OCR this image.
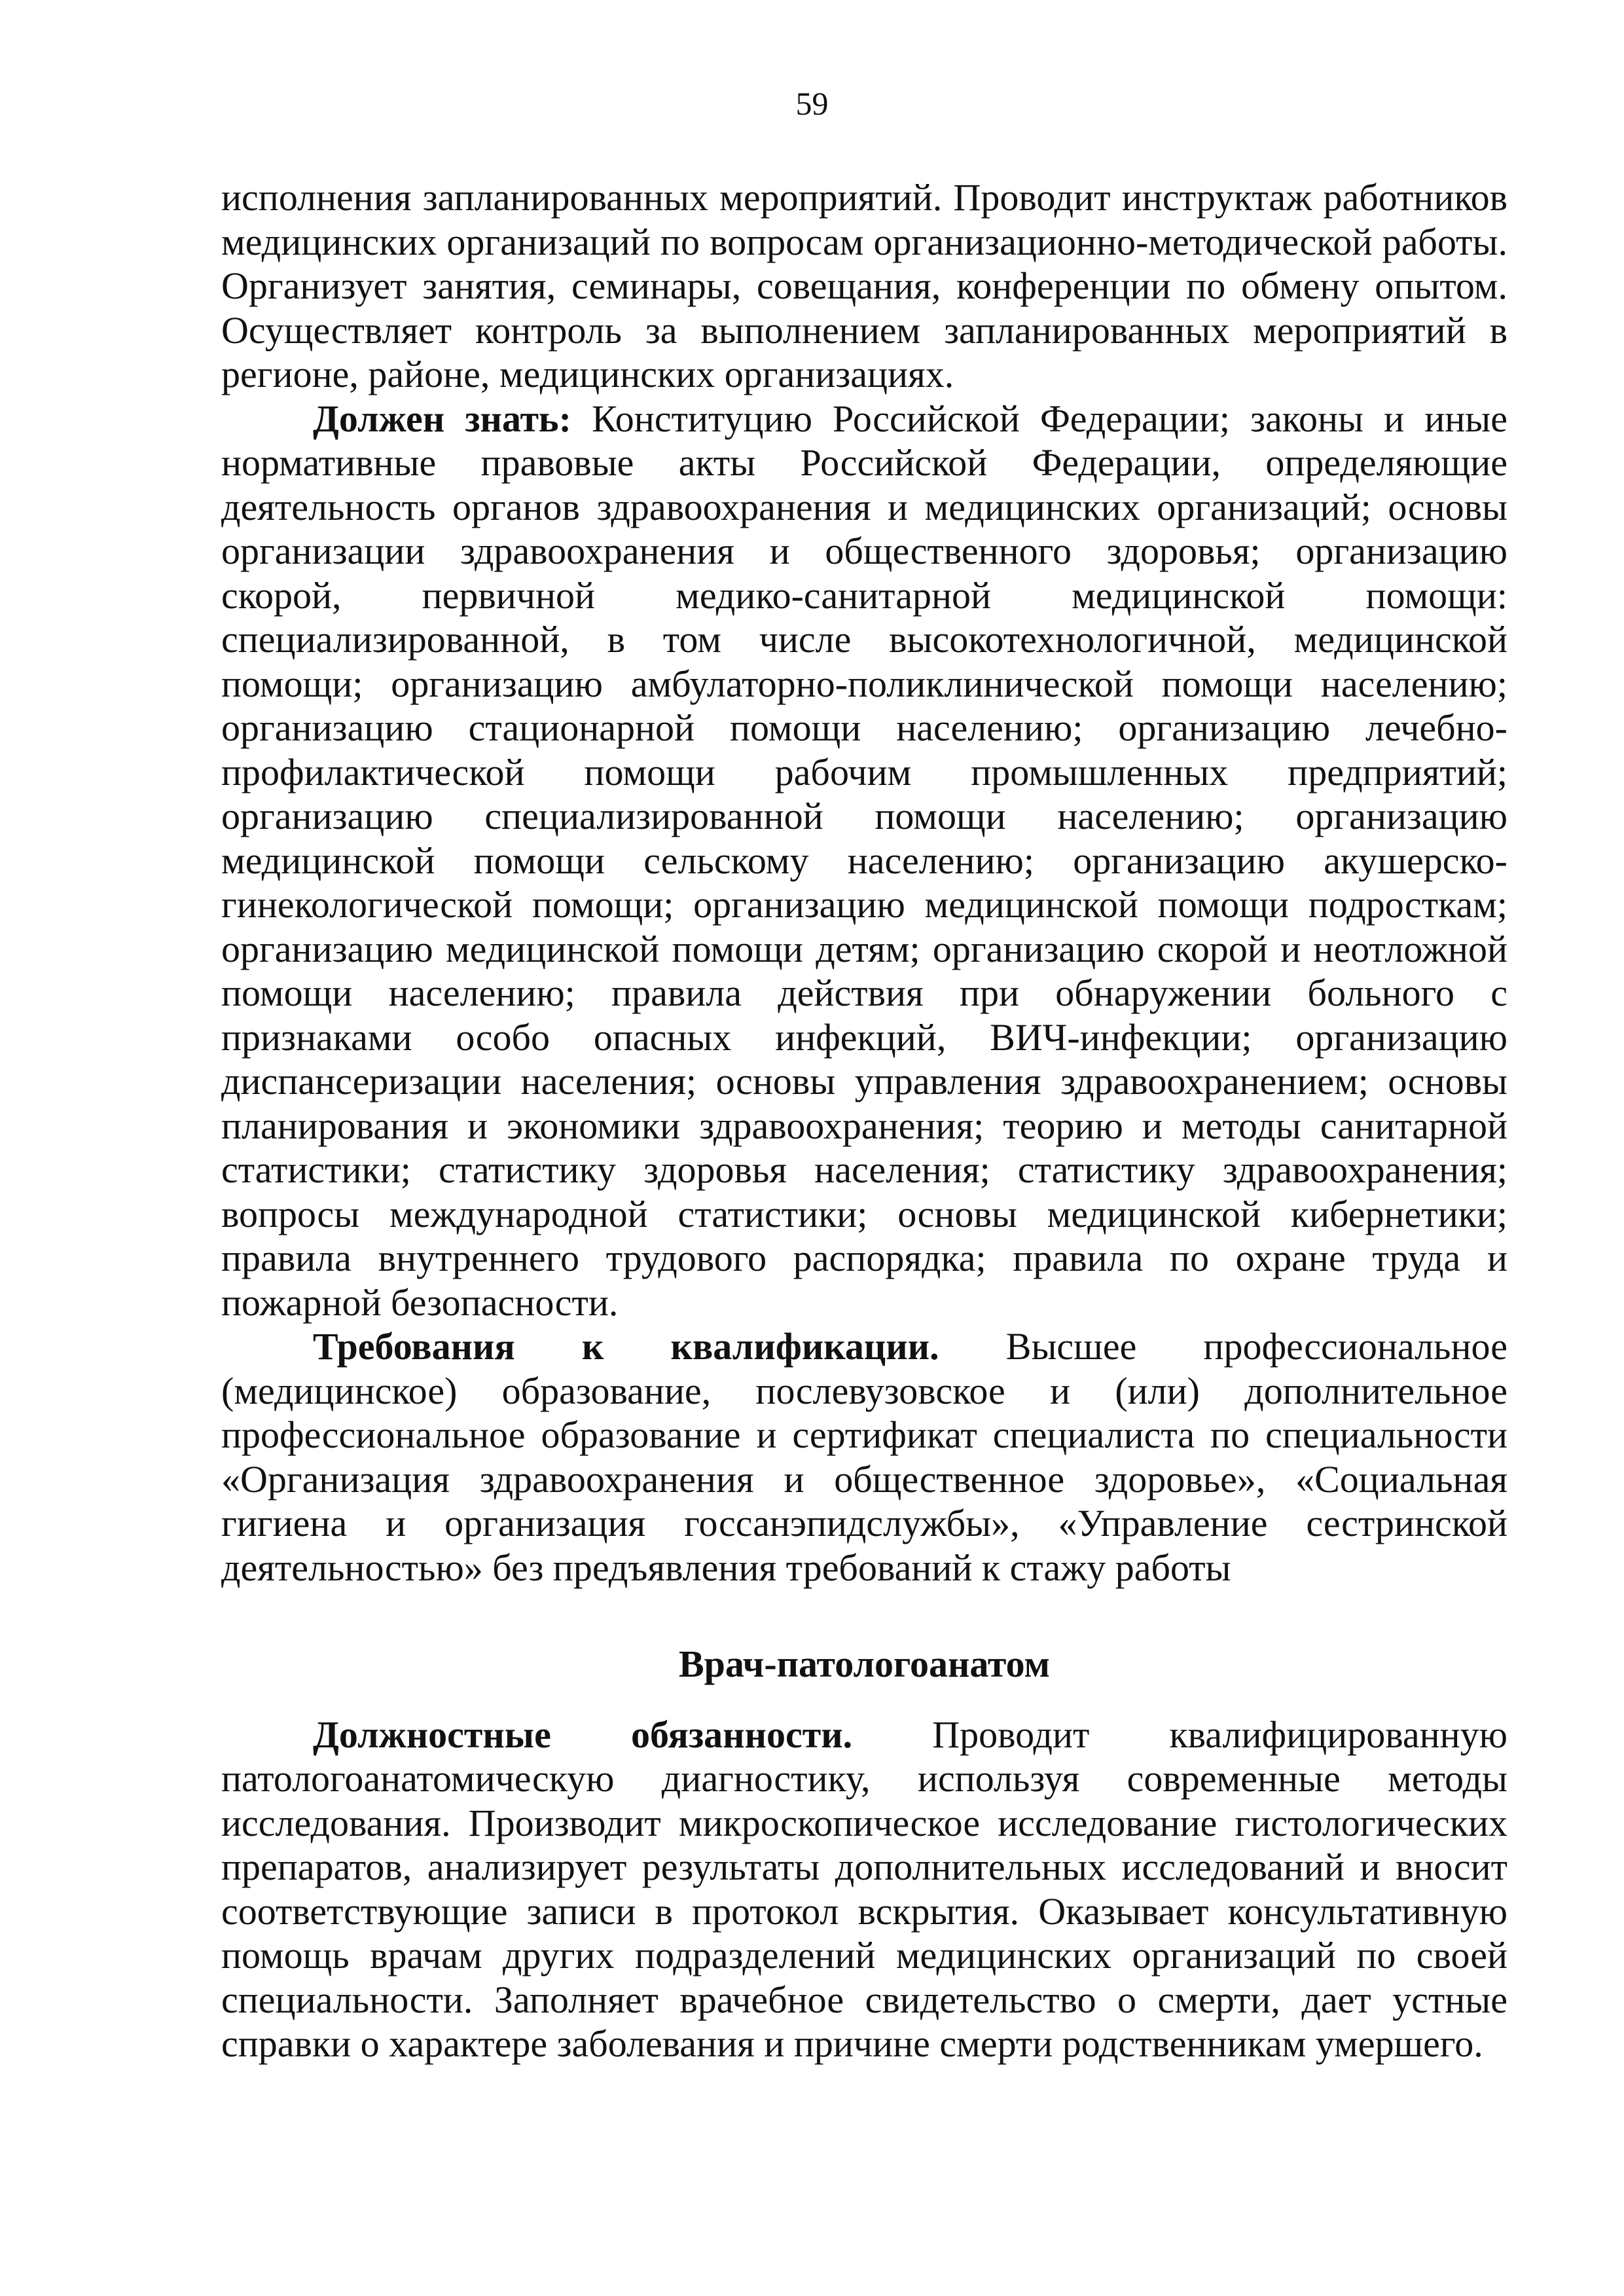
59

исполнения запланированных мероприятий. Проводит инструктаж работников медицинских организаций по вопросам организационно-методической работы. Организует занятия, семинары, совещания, конференции по обмену опытом. Осуществляет контроль за выполнением запланированных мероприятий в регионе, районе, медицинских организациях.

Должен знать: Конституцию Российской Федерации; законы и иные нормативные правовые акты Российской Федерации, определяющие деятельность органов здравоохранения и медицинских организаций; основы организации здравоохранения и общественного здоровья; организацию скорой, первичной медико-санитарной медицинской помощи: специализированной, в том числе высокотехнологичной, медицинской помощи; организацию амбулаторно-поликлинической помощи населению; организацию стационарной помощи населению; организацию лечебно-профилактической помощи рабочим промышленных предприятий; организацию специализированной помощи населению; организацию медицинской помощи сельскому населению; организацию акушерско-гинекологической помощи; организацию медицинской помощи подросткам; организацию медицинской помощи детям; организацию скорой и неотложной помощи населению; правила действия при обнаружении больного с признаками особо опасных инфекций, ВИЧ-инфекции; организацию диспансеризации населения; основы управления здравоохранением; основы планирования и экономики здравоохранения; теорию и методы санитарной статистики; статистику здоровья населения; статистику здравоохранения; вопросы международной статистики; основы медицинской кибернетики; правила внутреннего трудового распорядка; правила по охране труда и пожарной безопасности.

Требования к квалификации. Высшее профессиональное (медицинское) образование, послевузовское и (или) дополнительное профессиональное образование и сертификат специалиста по специальности «Организация здравоохранения и общественное здоровье», «Социальная гигиена и организация госсанэпидслужбы», «Управление сестринской деятельностью» без предъявления требований к стажу работы

Врач-патологоанатом

Должностные обязанности. Проводит квалифицированную патологоанатомическую диагностику, используя современные методы исследования. Производит микроскопическое исследование гистологических препаратов, анализирует результаты дополнительных исследований и вносит соответствующие записи в протокол вскрытия. Оказывает консультативную помощь врачам других подразделений медицинских организаций по своей специальности. Заполняет врачебное свидетельство о смерти, дает устные справки о характере заболевания и причине смерти родственникам умершего.
